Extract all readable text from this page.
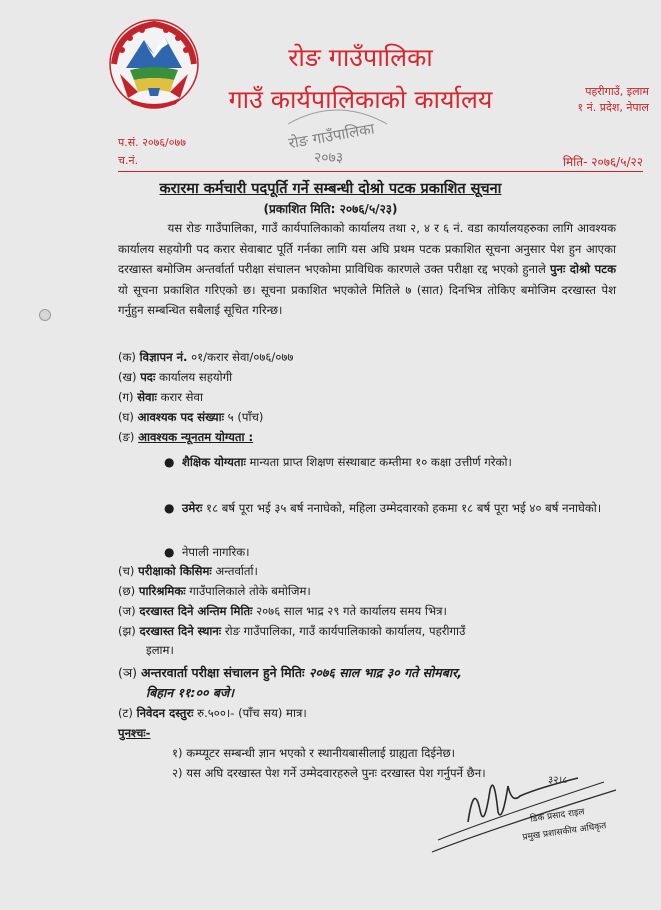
रोङ गाउँपालिका
गाउँ कार्यपालिकाको कार्यालय	पहरीगाउँ, इलाम
१ नं. प्रदेश, नेपाल
रोङ गाउँपालिका
२०७३
प.सं. २०७६/०७७
च.नं.	मिति- २०७६/५/२२
करारमा कर्मचारी पदपूर्ति गर्ने सम्बन्धी दोश्रो पटक प्रकाशित सूचना
(प्रकाशित मिति: २०७६/५/२३)
यस रोङ गाउँपालिका, गाउँ कार्यपालिकाको कार्यालय तथा २, ४ र ६ नं. वडा कार्यालयहरुका लागि आवश्यक कार्यालय सहयोगी पद करार सेवाबाट पूर्ति गर्नका लागि यस अघि प्रथम पटक प्रकाशित सूचना अनुसार पेश हुन आएका दरखास्त बमोजिम अन्तर्वार्ता परीक्षा संचालन भएकोमा प्राविधिक कारणले उक्त परीक्षा रद्द भएको हुनाले पुनः दोश्रो पटक यो सूचना प्रकाशित गरिएको छ। सूचना प्रकाशित भएकोले मितिले ७ (सात) दिनभित्र तोकिए बमोजिम दरखास्त पेश गर्नुहुन सम्बन्धित सबैलाई सूचित गरिन्छ।
(क) विज्ञापन नं. ०१/करार सेवा/०७६/०७७
(ख) पदः कार्यालय सहयोगी
(ग) सेवाः करार सेवा
(घ) आवश्यक पद संख्याः ५ (पाँच)
(ङ) आवश्यक न्यूनतम योग्यता :
● शैक्षिक योग्यताः मान्यता प्राप्त शिक्षण संस्थाबाट कम्तीमा १० कक्षा उत्तीर्ण गरेको।
● उमेरः १८ बर्ष पूरा भई ३५ बर्ष ननाघेको, महिला उम्मेदवारको हकमा १८ बर्ष पूरा भई ४० बर्ष ननाघेको।
● नेपाली नागरिक।
(च) परीक्षाको किसिमः अन्तर्वार्ता।
(छ) पारिश्रमिकः गाउँपालिकाले तोके बमोजिम।
(ज) दरखास्त दिने अन्तिम मितिः २०७६ साल भाद्र २९ गते कार्यालय समय भित्र।
(झ) दरखास्त दिने स्थानः रोङ गाउँपालिका, गाउँ कार्यपालिकाको कार्यालय, पहरीगाउँ
इलाम।
(ञ) अन्तरवार्ता परीक्षा संचालन हुने मितिः २०७६ साल भाद्र ३० गते सोमबार,
बिहान ११:०० बजे।
(ट) निवेदन दस्तुरः रु.५००।- (पाँच सय) मात्र।
पुनश्चः-
१) कम्प्यूटर सम्बन्धी ज्ञान भएको र स्थानीयबासीलाई ग्राह्यता दिईनेछ।
२) यस अघि दरखास्त पेश गर्ने उम्मेदवारहरुले पुनः दरखास्त पेश गर्नुपर्ने छैन।
३२।८
डिक प्रसाद राइल
प्रमुख प्रशासकीय अधिकृत
